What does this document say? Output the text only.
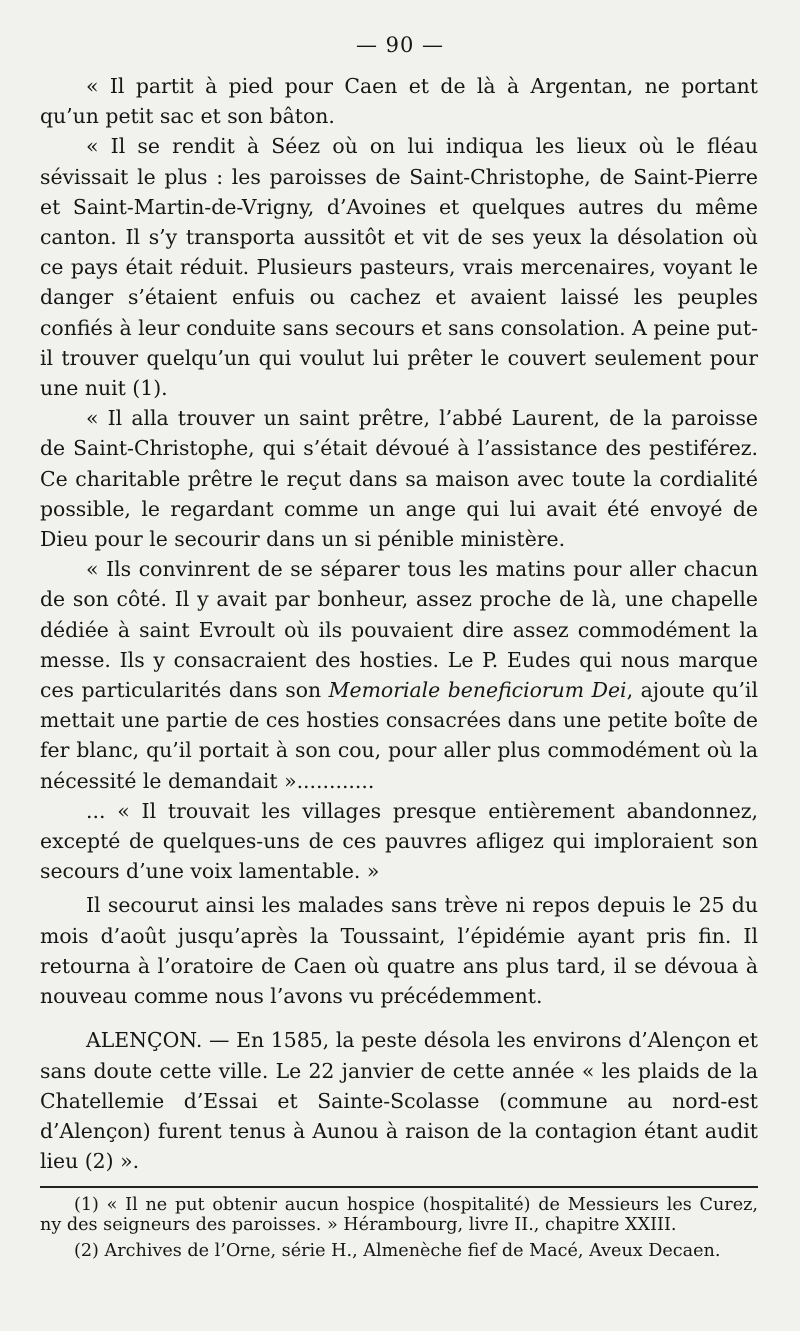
— 90 —

« Il partit à pied pour Caen et de là à Argentan, ne portant qu’un petit sac et son bâton.

« Il se rendit à Séez où on lui indiqua les lieux où le fléau sévissait le plus : les paroisses de Saint-Christophe, de Saint-Pierre et Saint-Martin-de-Vrigny, d’Avoines et quelques autres du même canton. Il s’y transporta aussitôt et vit de ses yeux la désolation où ce pays était réduit. Plusieurs pasteurs, vrais mercenaires, voyant le danger s’étaient enfuis ou cachez et avaient laissé les peuples confiés à leur conduite sans secours et sans consolation. A peine put-il trouver quelqu’un qui voulut lui prêter le couvert seulement pour une nuit (1).

« Il alla trouver un saint prêtre, l’abbé Laurent, de la paroisse de Saint-Christophe, qui s’était dévoué à l’assistance des pestiférez. Ce charitable prêtre le reçut dans sa maison avec toute la cordialité possible, le regardant comme un ange qui lui avait été envoyé de Dieu pour le secourir dans un si pénible ministère.

« Ils convinrent de se séparer tous les matins pour aller chacun de son côté. Il y avait par bonheur, assez proche de là, une chapelle dédiée à saint Evroult où ils pouvaient dire assez commodément la messe. Ils y consacraient des hosties. Le P. Eudes qui nous marque ces particularités dans son Memoriale beneficiorum Dei, ajoute qu’il mettait une partie de ces hosties consacrées dans une petite boîte de fer blanc, qu’il portait à son cou, pour aller plus commodément où la nécessité le demandait »............

... « Il trouvait les villages presque entièrement abandonnez, excepté de quelques-uns de ces pauvres afligez qui imploraient son secours d’une voix lamentable. »

Il secourut ainsi les malades sans trève ni repos depuis le 25 du mois d’août jusqu’après la Toussaint, l’épidémie ayant pris fin. Il retourna à l’oratoire de Caen où quatre ans plus tard, il se dévoua à nouveau comme nous l’avons vu précédemment.

ALENÇON. — En 1585, la peste désola les environs d’Alençon et sans doute cette ville. Le 22 janvier de cette année « les plaids de la Chatellemie d’Essai et Sainte-Scolasse (commune au nord-est d’Alençon) furent tenus à Aunou à raison de la contagion étant audit lieu (2) ».

(1) « Il ne put obtenir aucun hospice (hospitalité) de Messieurs les Curez, ny des seigneurs des paroisses. » Hérambourg, livre II., chapitre XXIII.

(2) Archives de l’Orne, série H., Almenèche fief de Macé, Aveux Decaen.
